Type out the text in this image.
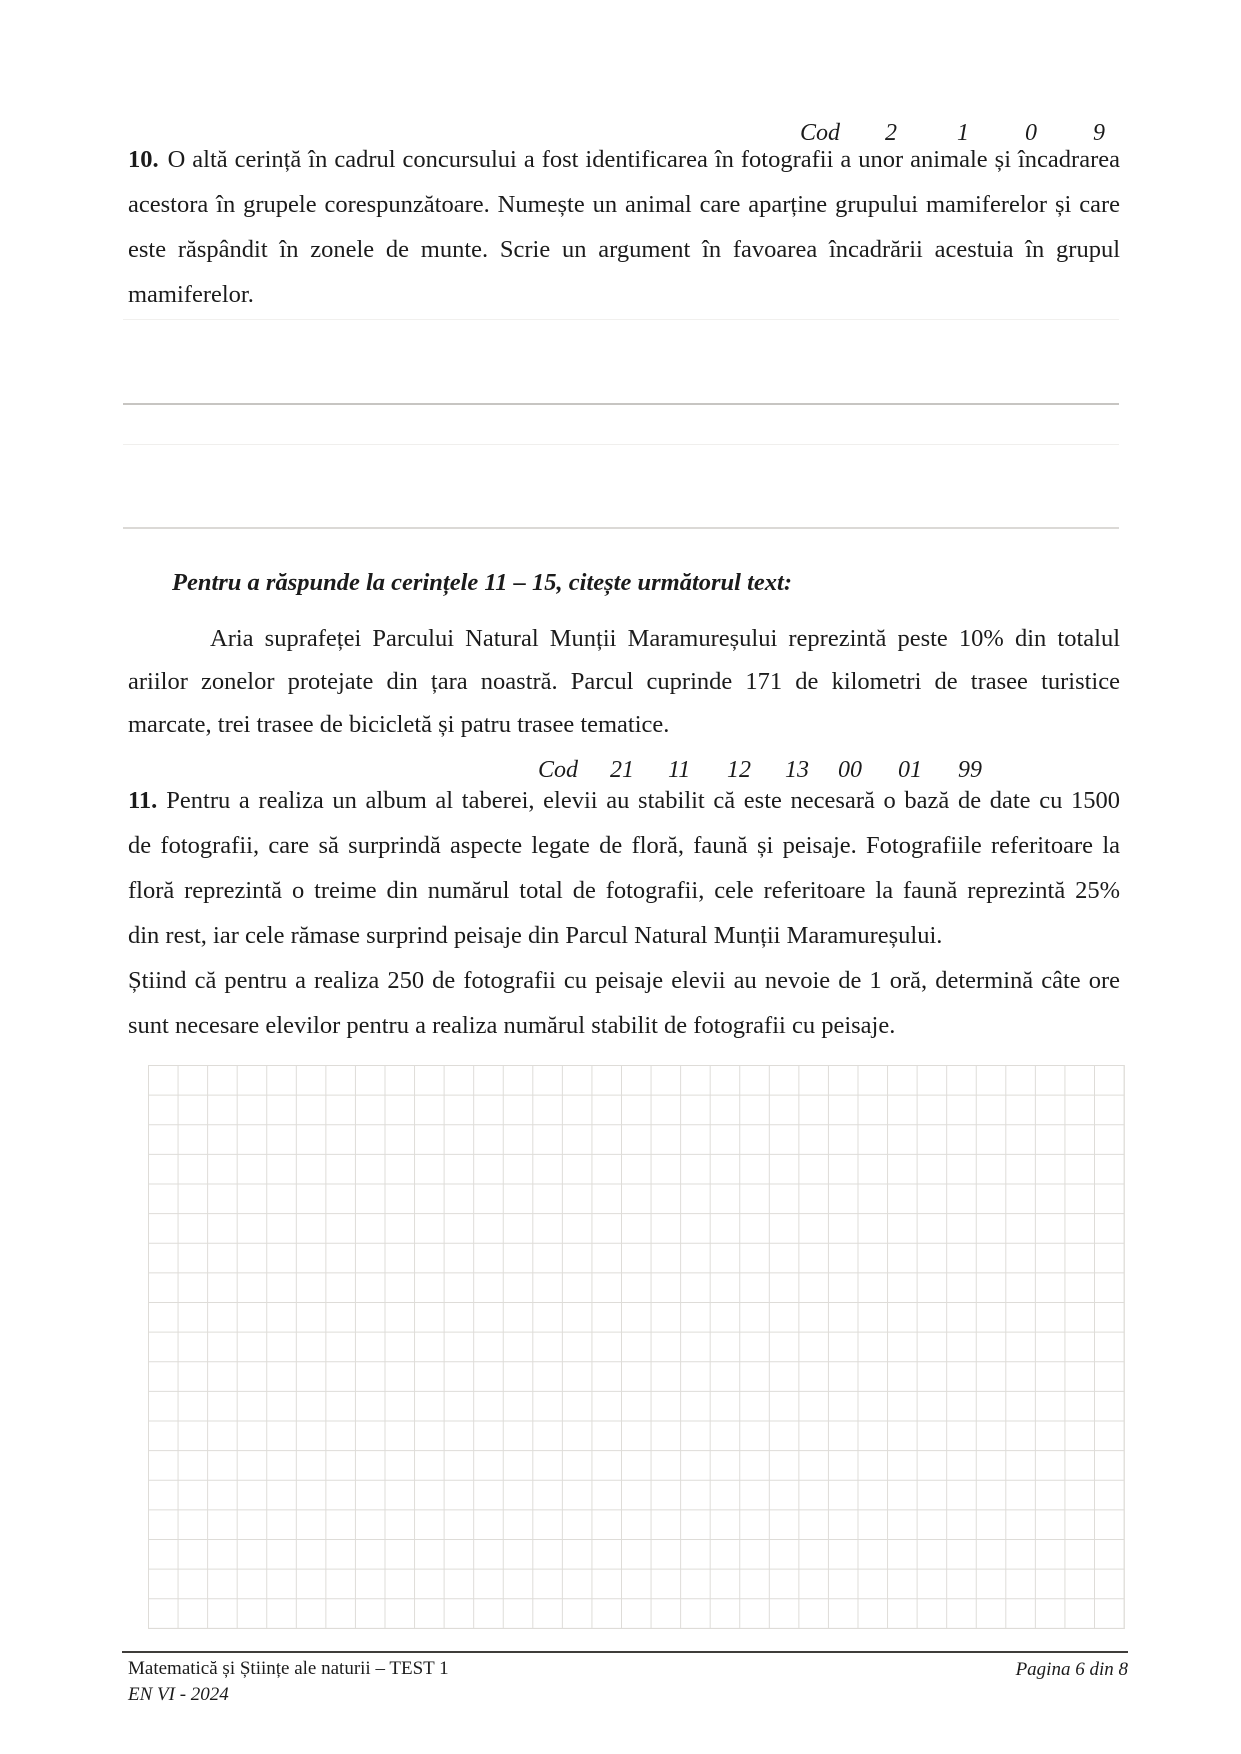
Cod 2	1 0 9
10. O altă cerință în cadrul concursului a fost identificarea în fotografii a unor animale și încadrarea
acestora în grupele corespunzătoare. Numește un animal care aparține grupului mamiferelor și care
este răspândit în zonele de munte. Scrie un argument în favoarea încadrării acestuia în grupul
mamiferelor.
Pentru a răspunde la cerințele 11 – 15, citește următorul text:
Aria suprafeței Parcului Natural Munții Maramureșului reprezintă peste 10% din totalul
ariilor zonelor protejate din țara noastră. Parcul cuprinde 171 de kilometri de trasee turistice
marcate, trei trasee de bicicletă și patru trasee tematice.
Cod 21 11 12 13 00 01 99
11. Pentru a realiza un album al taberei, elevii au stabilit că este necesară o bază de date cu 1500
de fotografii, care să surprindă aspecte legate de floră, faună și peisaje. Fotografiile referitoare la
floră reprezintă o treime din numărul total de fotografii, cele referitoare la faună reprezintă 25%
din rest, iar cele rămase surprind peisaje din Parcul Natural Munții Maramureșului.
Știind că pentru a realiza 250 de fotografii cu peisaje elevii au nevoie de 1 oră, determină câte ore
sunt necesare elevilor pentru a realiza numărul stabilit de fotografii cu peisaje.
Matematică și Științe ale naturii – TEST 1
EN VI - 2024
Pagina 6 din 8
